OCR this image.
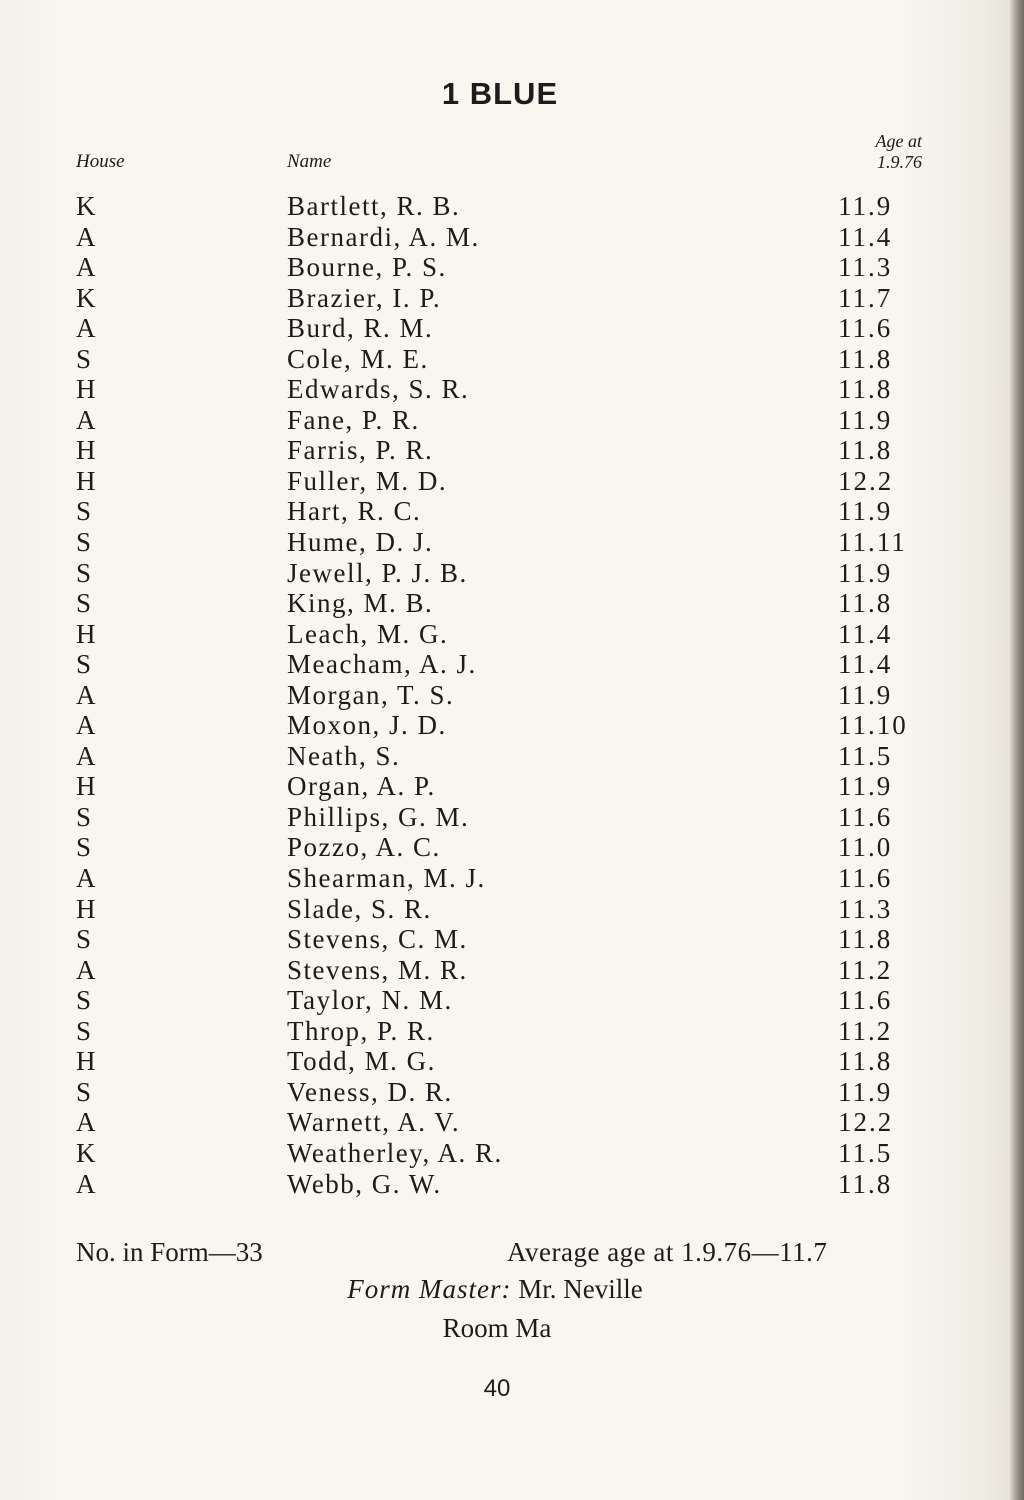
1 BLUE
House	Name
Age at
1.9.76
K	Bartlett, R. B.	11.9
A	Bernardi, A. M.	11.4
A	Bourne, P. S.	11.3
K	Brazier, I. P.	11.7
A	Burd, R. M.	11.6
S	Cole, M. E.	11.8
H	Edwards, S. R.	11.8
A	Fane, P. R.	11.9
H	Farris, P. R.	11.8
H	Fuller, M. D.	12.2
S	Hart, R. C.	11.9
S	Hume, D. J.	11.11
S	Jewell, P. J. B.	11.9
S	King, M. B.	11.8
H	Leach, M. G.	11.4
S	Meacham, A. J.	11.4
A	Morgan, T. S.	11.9
A	Moxon, J. D.	11.10
A	Neath, S.	11.5
H	Organ, A. P.	11.9
S	Phillips, G. M.	11.6
S	Pozzo, A. C.	11.0
A	Shearman, M. J.	11.6
H	Slade, S. R.	11.3
S	Stevens, C. M.	11.8
A	Stevens, M. R.	11.2
S	Taylor, N. M.	11.6
S	Throp, P. R.	11.2
H	Todd, M. G.	11.8
S	Veness, D. R.	11.9
A	Warnett, A. V.	12.2
K	Weatherley, A. R.	11.5
A	Webb, G. W.	11.8
No. in Form—33	Average age at 1.9.76—11.7
Form Master: Mr. Neville
Room Ma
40
